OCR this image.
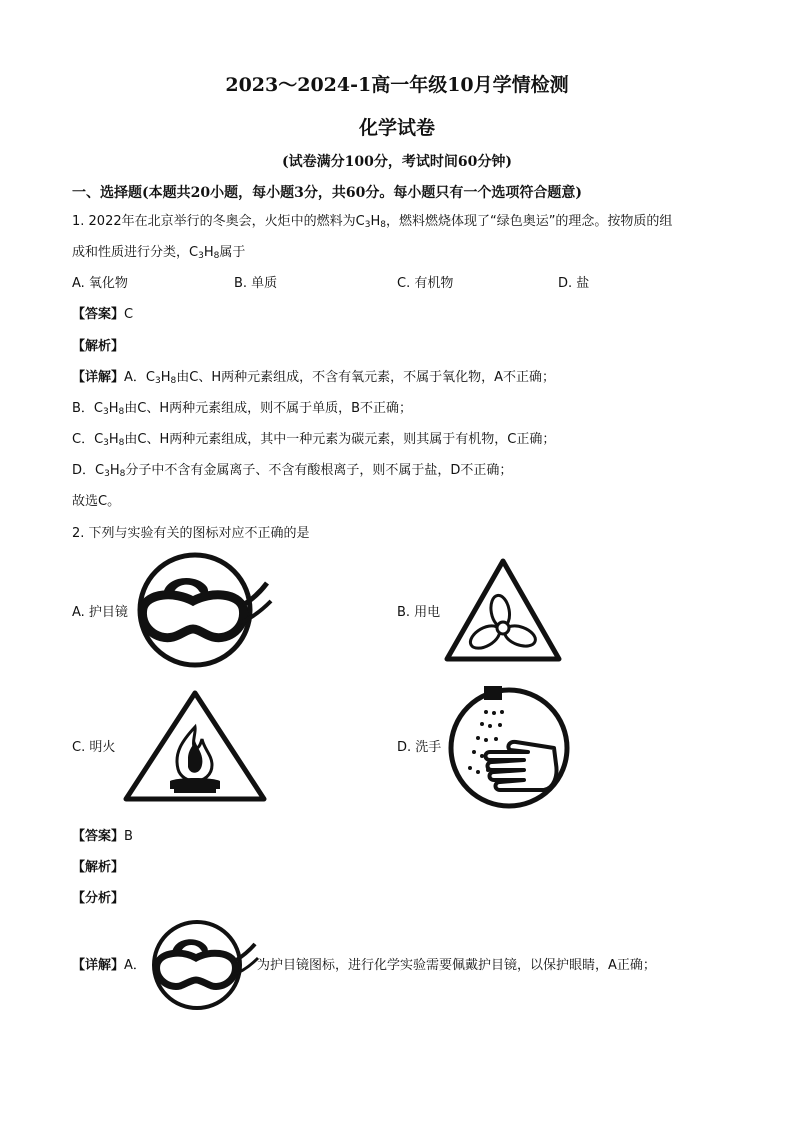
2023～2024-1高一年级10月学情检测
化学试卷
(试卷满分100分，考试时间60分钟)
一、选择题(本题共20小题，每小题3分，共60分。每小题只有一个选项符合题意)
1. 2022年在北京举行的冬奥会，火炬中的燃料为$C_3H_8$，燃料燃烧体现了“绿色奥运”的理念。按物质的组
成和性质进行分类，$C_3H_8$属于
A. 氧化物	B. 单质	C. 有机物	D. 盐
【答案】C
【解析】
【详解】A．$C_3H_8$由C、H两种元素组成，不含有氧元素，不属于氧化物，A不正确；
B．$C_3H_8$由C、H两种元素组成，则不属于单质，B不正确；
C．$C_3H_8$由C、H两种元素组成，其中一种元素为碳元素，则其属于有机物，C正确；
D．$C_3H_8$分子中不含有金属离子、不含有酸根离子，则不属于盐，D不正确；
故选C。
2. 下列与实验有关的图标对应不正确的是
A. 护目镜	B. 用电
C. 明火	D. 洗手
【答案】B
【解析】
【分析】
【详解】A．	为护目镜图标，进行化学实验需要佩戴护目镜，以保护眼睛，A正确；
